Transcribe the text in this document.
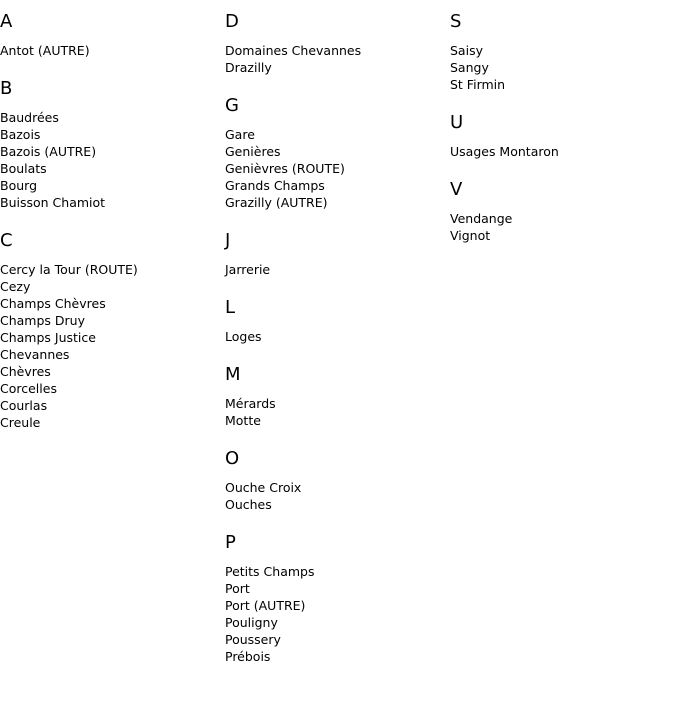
A
Antot (AUTRE)
B
Baudrées
Bazois
Bazois (AUTRE)
Boulats
Bourg
Buisson Chamiot
C
Cercy la Tour (ROUTE)
Cezy
Champs Chèvres
Champs Druy
Champs Justice
Chevannes
Chèvres
Corcelles
Courlas
Creule
D
Domaines Chevannes
Drazilly
G
Gare
Genières
Genièvres (ROUTE)
Grands Champs
Grazilly (AUTRE)
J
Jarrerie
L
Loges
M
Mérards
Motte
O
Ouche Croix
Ouches
P
Petits Champs
Port
Port (AUTRE)
Pouligny
Poussery
Prébois
S
Saisy
Sangy
St Firmin
U
Usages Montaron
V
Vendange
Vignot
